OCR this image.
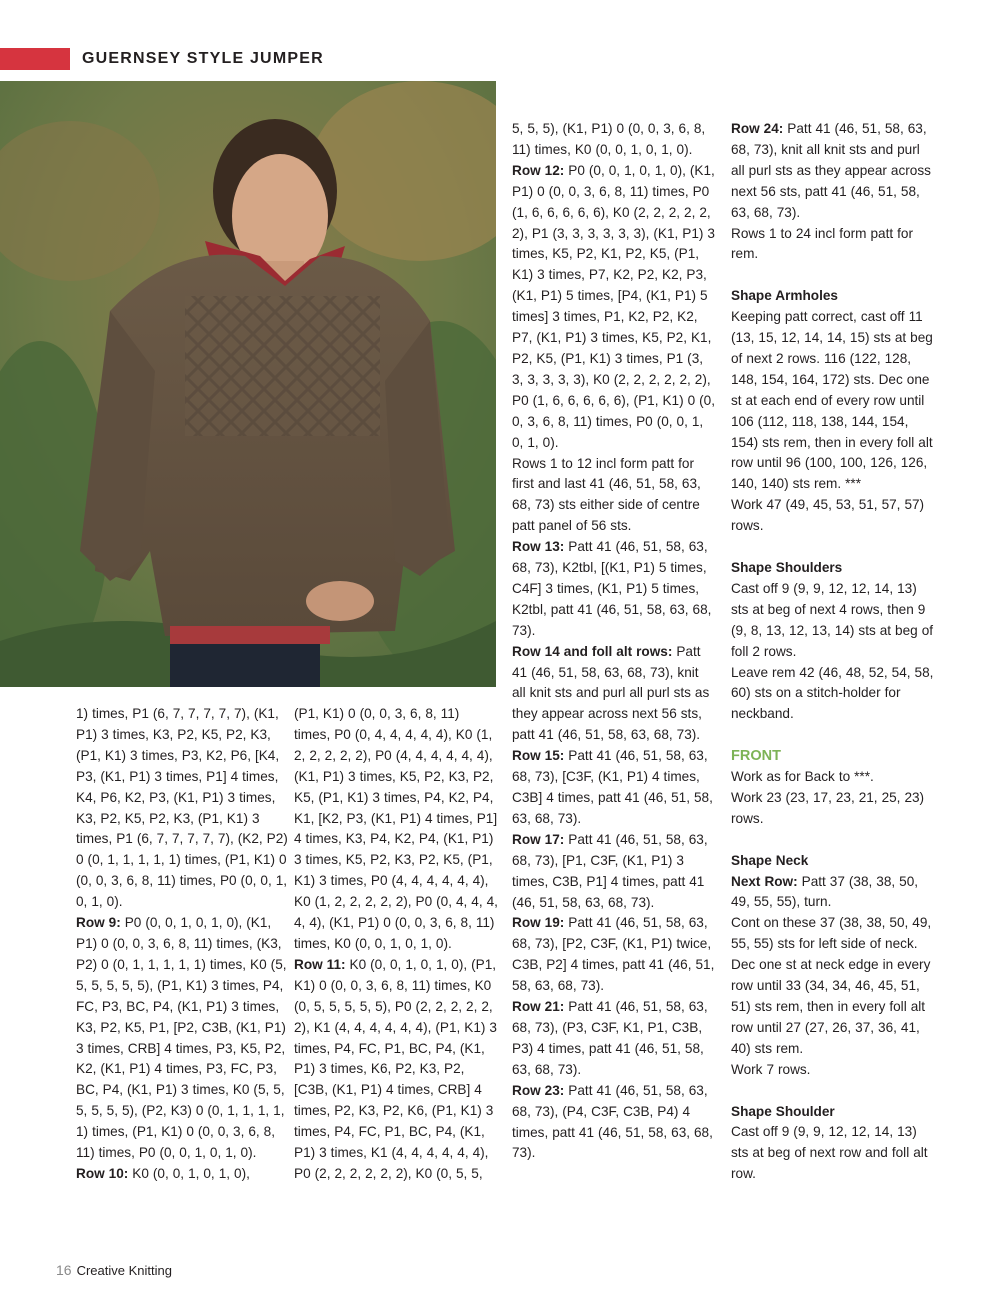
GUERNSEY STYLE JUMPER

1) times, P1 (6, 7, 7, 7, 7, 7), (K1, P1) 3 times, K3, P2, K5, P2, K3, (P1, K1) 3 times, P3, K2, P6, [K4, P3, (K1, P1) 3 times, P1] 4 times, K4, P6, K2, P3, (K1, P1) 3 times, K3, P2, K5, P2, K3, (P1, K1) 3 times, P1 (6, 7, 7, 7, 7, 7), (K2, P2) 0 (0, 1, 1, 1, 1, 1) times, (P1, K1) 0 (0, 0, 3, 6, 8, 11) times, P0 (0, 0, 1, 0, 1, 0).

Row 9: P0 (0, 0, 1, 0, 1, 0), (K1, P1) 0 (0, 0, 3, 6, 8, 11) times, (K3, P2) 0 (0, 1, 1, 1, 1, 1) times, K0 (5, 5, 5, 5, 5, 5), (P1, K1) 3 times, P4, FC, P3, BC, P4, (K1, P1) 3 times, K3, P2, K5, P1, [P2, C3B, (K1, P1) 3 times, CRB] 4 times, P3, K5, P2, K2, (K1, P1) 4 times, P3, FC, P3, BC, P4, (K1, P1) 3 times, K0 (5, 5, 5, 5, 5, 5), (P2, K3) 0 (0, 1, 1, 1, 1, 1) times, (P1, K1) 0 (0, 0, 3, 6, 8, 11) times, P0 (0, 0, 1, 0, 1, 0).

Row 10: K0 (0, 0, 1, 0, 1, 0),

(P1, K1) 0 (0, 0, 3, 6, 8, 11) times, P0 (0, 4, 4, 4, 4, 4), K0 (1, 2, 2, 2, 2, 2), P0 (4, 4, 4, 4, 4, 4), (K1, P1) 3 times, K5, P2, K3, P2, K5, (P1, K1) 3 times, P4, K2, P4, K1, [K2, P3, (K1, P1) 4 times, P1] 4 times, K3, P4, K2, P4, (K1, P1) 3 times, K5, P2, K3, P2, K5, (P1, K1) 3 times, P0 (4, 4, 4, 4, 4, 4), K0 (1, 2, 2, 2, 2, 2), P0 (0, 4, 4, 4, 4, 4), (K1, P1) 0 (0, 0, 3, 6, 8, 11) times, K0 (0, 0, 1, 0, 1, 0).

Row 11: K0 (0, 0, 1, 0, 1, 0), (P1, K1) 0 (0, 0, 3, 6, 8, 11) times, K0 (0, 5, 5, 5, 5, 5), P0 (2, 2, 2, 2, 2, 2), K1 (4, 4, 4, 4, 4, 4), (P1, K1) 3 times, P4, FC, P1, BC, P4, (K1, P1) 3 times, K6, P2, K3, P2, [C3B, (K1, P1) 4 times, CRB] 4 times, P2, K3, P2, K6, (P1, K1) 3 times, P4, FC, P1, BC, P4, (K1, P1) 3 times, K1 (4, 4, 4, 4, 4, 4), P0 (2, 2, 2, 2, 2, 2), K0 (0, 5, 5,

5, 5, 5), (K1, P1) 0 (0, 0, 3, 6, 8, 11) times, K0 (0, 0, 1, 0, 1, 0).

Row 12: P0 (0, 0, 1, 0, 1, 0), (K1, P1) 0 (0, 0, 3, 6, 8, 11) times, P0 (1, 6, 6, 6, 6, 6), K0 (2, 2, 2, 2, 2, 2), P1 (3, 3, 3, 3, 3, 3), (K1, P1) 3 times, K5, P2, K1, P2, K5, (P1, K1) 3 times, P7, K2, P2, K2, P3, (K1, P1) 5 times, [P4, (K1, P1) 5 times] 3 times, P1, K2, P2, K2, P7, (K1, P1) 3 times, K5, P2, K1, P2, K5, (P1, K1) 3 times, P1 (3, 3, 3, 3, 3, 3), K0 (2, 2, 2, 2, 2, 2), P0 (1, 6, 6, 6, 6, 6), (P1, K1) 0 (0, 0, 3, 6, 8, 11) times, P0 (0, 0, 1, 0, 1, 0).

Rows 1 to 12 incl form patt for first and last 41 (46, 51, 58, 63, 68, 73) sts either side of centre patt panel of 56 sts.

Row 13: Patt 41 (46, 51, 58, 63, 68, 73), K2tbl, [(K1, P1) 5 times, C4F] 3 times, (K1, P1) 5 times, K2tbl, patt 41 (46, 51, 58, 63, 68, 73).

Row 14 and foll alt rows: Patt 41 (46, 51, 58, 63, 68, 73), knit all knit sts and purl all purl sts as they appear across next 56 sts, patt 41 (46, 51, 58, 63, 68, 73).

Row 15: Patt 41 (46, 51, 58, 63, 68, 73), [C3F, (K1, P1) 4 times, C3B] 4 times, patt 41 (46, 51, 58, 63, 68, 73).

Row 17: Patt 41 (46, 51, 58, 63, 68, 73), [P1, C3F, (K1, P1) 3 times, C3B, P1] 4 times, patt 41 (46, 51, 58, 63, 68, 73).

Row 19: Patt 41 (46, 51, 58, 63, 68, 73), [P2, C3F, (K1, P1) twice, C3B, P2] 4 times, patt 41 (46, 51, 58, 63, 68, 73).

Row 21: Patt 41 (46, 51, 58, 63, 68, 73), (P3, C3F, K1, P1, C3B, P3) 4 times, patt 41 (46, 51, 58, 63, 68, 73).

Row 23: Patt 41 (46, 51, 58, 63, 68, 73), (P4, C3F, C3B, P4) 4 times, patt 41 (46, 51, 58, 63, 68, 73).

Row 24: Patt 41 (46, 51, 58, 63, 68, 73), knit all knit sts and purl all purl sts as they appear across next 56 sts, patt 41 (46, 51, 58, 63, 68, 73).

Rows 1 to 24 incl form patt for rem.

Shape Armholes

Keeping patt correct, cast off 11 (13, 15, 12, 14, 14, 15) sts at beg of next 2 rows. 116 (122, 128, 148, 154, 164, 172) sts. Dec one st at each end of every row until 106 (112, 118, 138, 144, 154, 154) sts rem, then in every foll alt row until 96 (100, 100, 126, 126, 140, 140) sts rem. ***

Work 47 (49, 45, 53, 51, 57, 57) rows.

Shape Shoulders

Cast off 9 (9, 9, 12, 12, 14, 13) sts at beg of next 4 rows, then 9 (9, 8, 13, 12, 13, 14) sts at beg of foll 2 rows.

Leave rem 42 (46, 48, 52, 54, 58, 60) sts on a stitch-holder for neckband.

FRONT

Work as for Back to ***.

Work 23 (23, 17, 23, 21, 25, 23) rows.

Shape Neck

Next Row: Patt 37 (38, 38, 50, 49, 55, 55), turn.

Cont on these 37 (38, 38, 50, 49, 55, 55) sts for left side of neck.

Dec one st at neck edge in every row until 33 (34, 34, 46, 45, 51, 51) sts rem, then in every foll alt row until 27 (27, 26, 37, 36, 41, 40) sts rem.

Work 7 rows.

Shape Shoulder

Cast off 9 (9, 9, 12, 12, 14, 13) sts at beg of next row and foll alt row.

16 Creative Knitting
